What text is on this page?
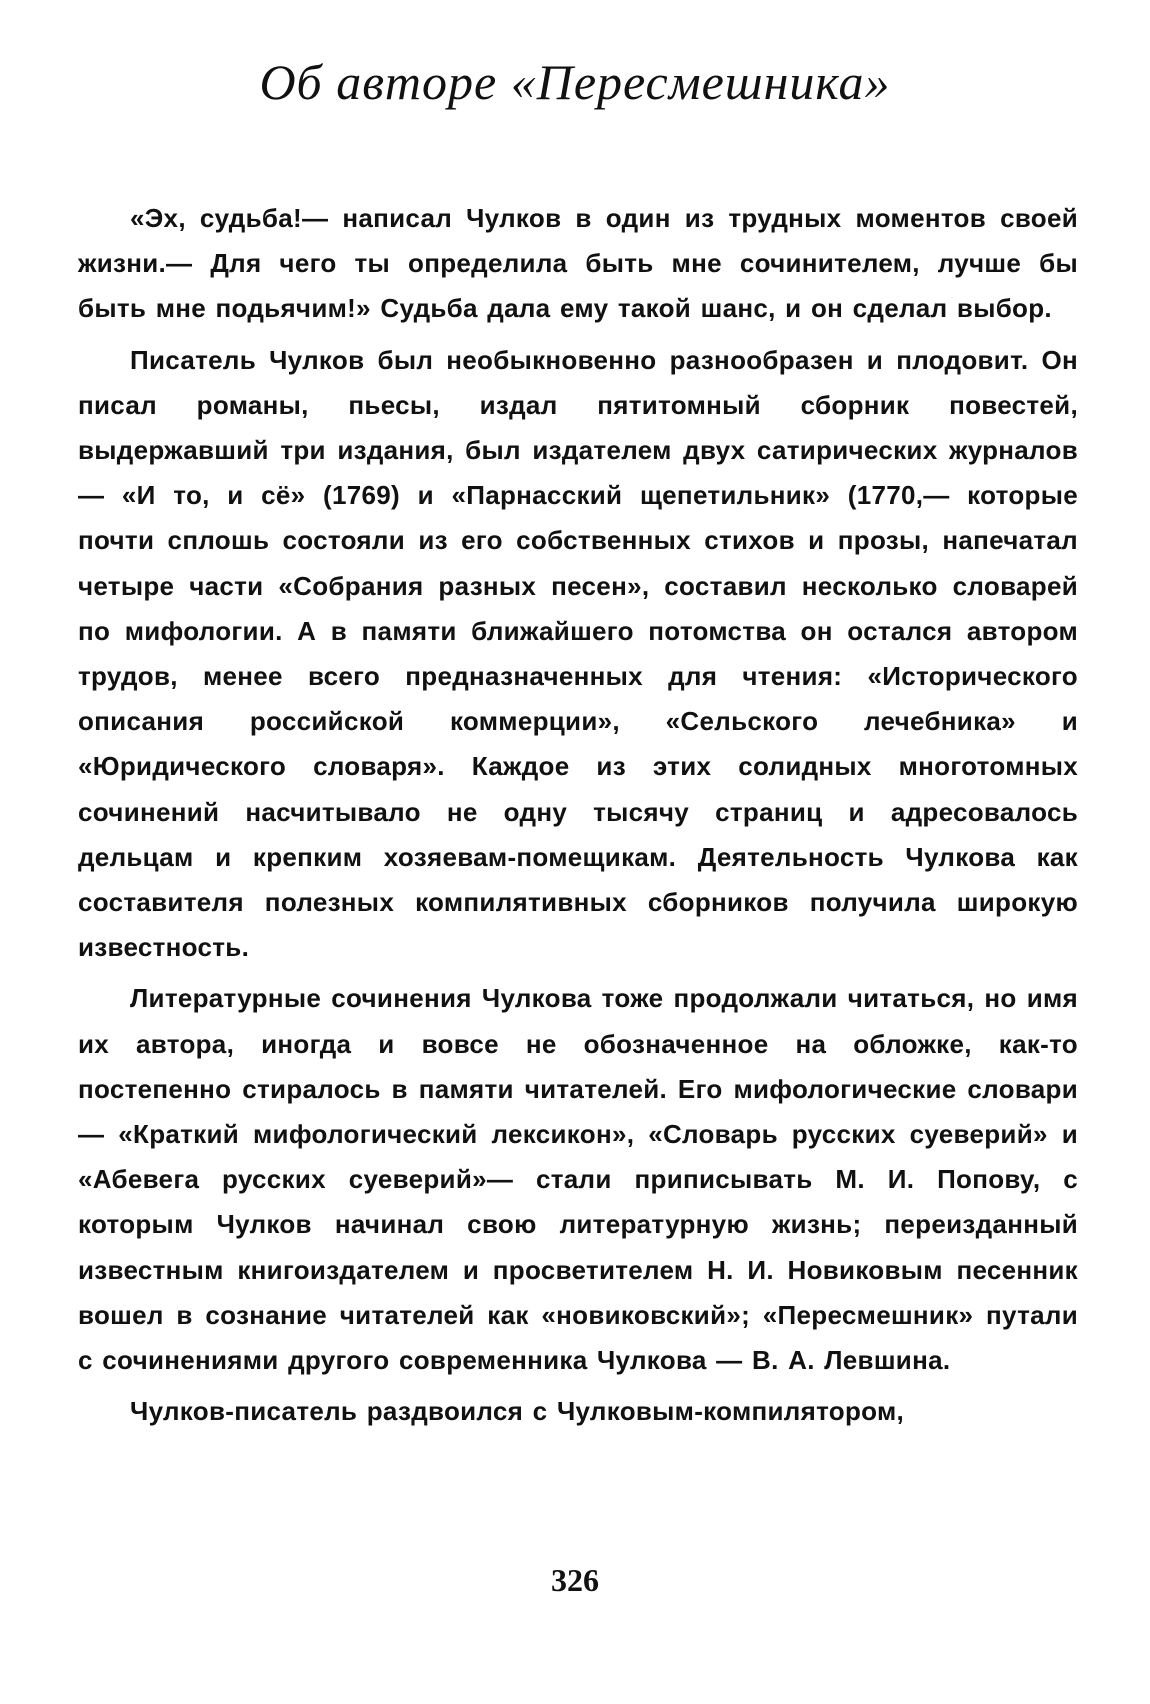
Об авторе «Пересмешника»

«Эх, судьба!— написал Чулков в один из трудных моментов своей жизни.— Для чего ты определила быть мне сочинителем, лучше бы быть мне подьячим!» Судьба дала ему такой шанс, и он сделал выбор.

Писатель Чулков был необыкновенно разнообразен и плодовит. Он писал романы, пьесы, издал пятитомный сборник повестей, выдержавший три издания, был издателем двух сатирических журналов — «И то, и сё» (1769) и «Парнасский щепетильник» (1770,— которые почти сплошь состояли из его собственных стихов и прозы, напечатал четыре части «Собрания разных песен», составил несколько словарей по мифологии. А в памяти ближайшего потомства он остался автором трудов, менее всего предназначенных для чтения: «Исторического описания российской коммерции», «Сельского лечебника» и «Юридического словаря». Каждое из этих солидных многотомных сочинений насчитывало не одну тысячу страниц и адресовалось дельцам и крепким хозяевам-помещикам. Деятельность Чулкова как составителя полезных компилятивных сборников получила широкую известность.

Литературные сочинения Чулкова тоже продолжали читаться, но имя их автора, иногда и вовсе не обозначенное на обложке, как-то постепенно стиралось в памяти читателей. Его мифологические словари — «Краткий мифологический лексикон», «Словарь русских суеверий» и «Абевега русских суеверий»— стали приписывать М. И. Попову, с которым Чулков начинал свою литературную жизнь; переизданный известным книгоиздателем и просветителем Н. И. Новиковым песенник вошел в сознание читателей как «новиковский»; «Пересмешник» путали с сочинениями другого современника Чулкова — В. А. Левшина.

Чулков-писатель раздвоился с Чулковым-компилятором,

326
